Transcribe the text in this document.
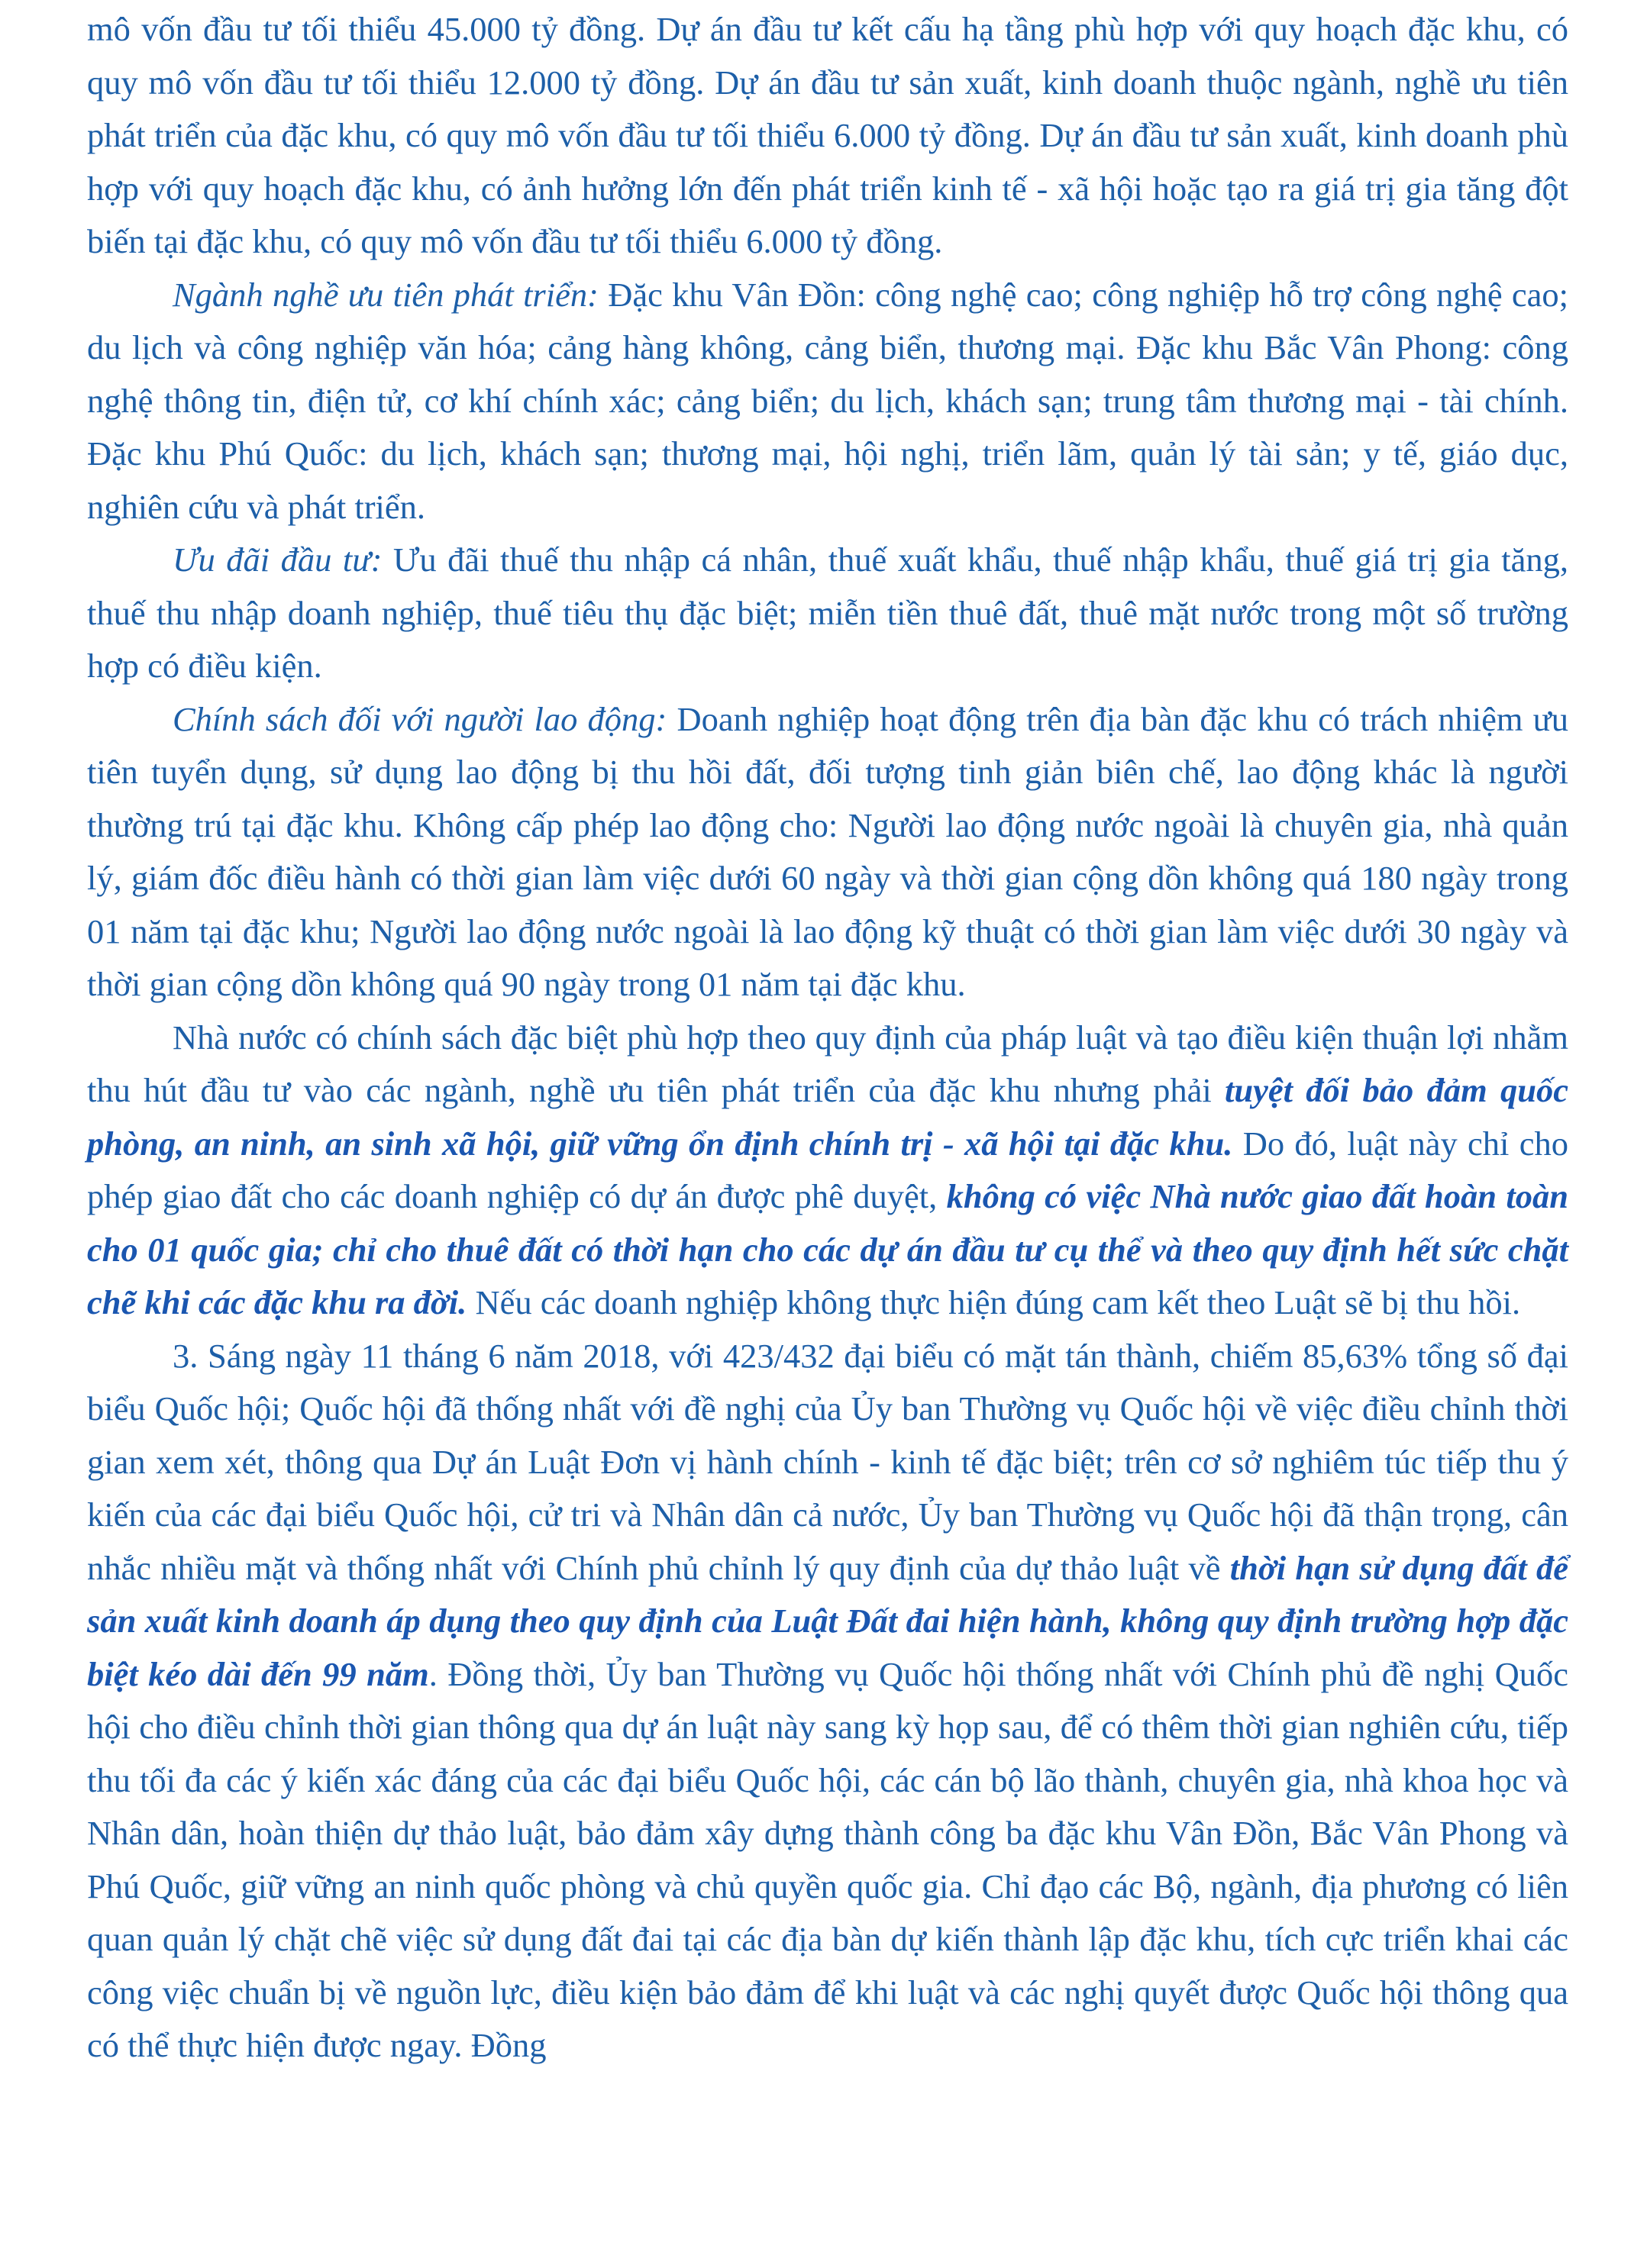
mô vốn đầu tư tối thiểu 45.000 tỷ đồng. Dự án đầu tư kết cấu hạ tầng phù hợp với quy hoạch đặc khu, có quy mô vốn đầu tư tối thiểu 12.000 tỷ đồng. Dự án đầu tư sản xuất, kinh doanh thuộc ngành, nghề ưu tiên phát triển của đặc khu, có quy mô vốn đầu tư tối thiểu 6.000 tỷ đồng. Dự án đầu tư sản xuất, kinh doanh phù hợp với quy hoạch đặc khu, có ảnh hưởng lớn đến phát triển kinh tế - xã hội hoặc tạo ra giá trị gia tăng đột biến tại đặc khu, có quy mô vốn đầu tư tối thiểu 6.000 tỷ đồng.

Ngành nghề ưu tiên phát triển: Đặc khu Vân Đồn: công nghệ cao; công nghiệp hỗ trợ công nghệ cao; du lịch và công nghiệp văn hóa; cảng hàng không, cảng biển, thương mại. Đặc khu Bắc Vân Phong: công nghệ thông tin, điện tử, cơ khí chính xác; cảng biển; du lịch, khách sạn; trung tâm thương mại - tài chính. Đặc khu Phú Quốc: du lịch, khách sạn; thương mại, hội nghị, triển lãm, quản lý tài sản; y tế, giáo dục, nghiên cứu và phát triển.

Ưu đãi đầu tư: Ưu đãi thuế thu nhập cá nhân, thuế xuất khẩu, thuế nhập khẩu, thuế giá trị gia tăng, thuế thu nhập doanh nghiệp, thuế tiêu thụ đặc biệt; miễn tiền thuê đất, thuê mặt nước trong một số trường hợp có điều kiện.

Chính sách đối với người lao động: Doanh nghiệp hoạt động trên địa bàn đặc khu có trách nhiệm ưu tiên tuyển dụng, sử dụng lao động bị thu hồi đất, đối tượng tinh giản biên chế, lao động khác là người thường trú tại đặc khu. Không cấp phép lao động cho: Người lao động nước ngoài là chuyên gia, nhà quản lý, giám đốc điều hành có thời gian làm việc dưới 60 ngày và thời gian cộng dồn không quá 180 ngày trong 01 năm tại đặc khu; Người lao động nước ngoài là lao động kỹ thuật có thời gian làm việc dưới 30 ngày và thời gian cộng dồn không quá 90 ngày trong 01 năm tại đặc khu.

Nhà nước có chính sách đặc biệt phù hợp theo quy định của pháp luật và tạo điều kiện thuận lợi nhằm thu hút đầu tư vào các ngành, nghề ưu tiên phát triển của đặc khu nhưng phải tuyệt đối bảo đảm quốc phòng, an ninh, an sinh xã hội, giữ vững ổn định chính trị - xã hội tại đặc khu. Do đó, luật này chỉ cho phép giao đất cho các doanh nghiệp có dự án được phê duyệt, không có việc Nhà nước giao đất hoàn toàn cho 01 quốc gia; chỉ cho thuê đất có thời hạn cho các dự án đầu tư cụ thể và theo quy định hết sức chặt chẽ khi các đặc khu ra đời. Nếu các doanh nghiệp không thực hiện đúng cam kết theo Luật sẽ bị thu hồi.

3. Sáng ngày 11 tháng 6 năm 2018, với 423/432 đại biểu có mặt tán thành, chiếm 85,63% tổng số đại biểu Quốc hội; Quốc hội đã thống nhất với đề nghị của Ủy ban Thường vụ Quốc hội về việc điều chỉnh thời gian xem xét, thông qua Dự án Luật Đơn vị hành chính - kinh tế đặc biệt; trên cơ sở nghiêm túc tiếp thu ý kiến của các đại biểu Quốc hội, cử tri và Nhân dân cả nước, Ủy ban Thường vụ Quốc hội đã thận trọng, cân nhắc nhiều mặt và thống nhất với Chính phủ chỉnh lý quy định của dự thảo luật về thời hạn sử dụng đất để sản xuất kinh doanh áp dụng theo quy định của Luật Đất đai hiện hành, không quy định trường hợp đặc biệt kéo dài đến 99 năm. Đồng thời, Ủy ban Thường vụ Quốc hội thống nhất với Chính phủ đề nghị Quốc hội cho điều chỉnh thời gian thông qua dự án luật này sang kỳ họp sau, để có thêm thời gian nghiên cứu, tiếp thu tối đa các ý kiến xác đáng của các đại biểu Quốc hội, các cán bộ lão thành, chuyên gia, nhà khoa học và Nhân dân, hoàn thiện dự thảo luật, bảo đảm xây dựng thành công ba đặc khu Vân Đồn, Bắc Vân Phong và Phú Quốc, giữ vững an ninh quốc phòng và chủ quyền quốc gia. Chỉ đạo các Bộ, ngành, địa phương có liên quan quản lý chặt chẽ việc sử dụng đất đai tại các địa bàn dự kiến thành lập đặc khu, tích cực triển khai các công việc chuẩn bị về nguồn lực, điều kiện bảo đảm để khi luật và các nghị quyết được Quốc hội thông qua có thể thực hiện được ngay. Đồng
